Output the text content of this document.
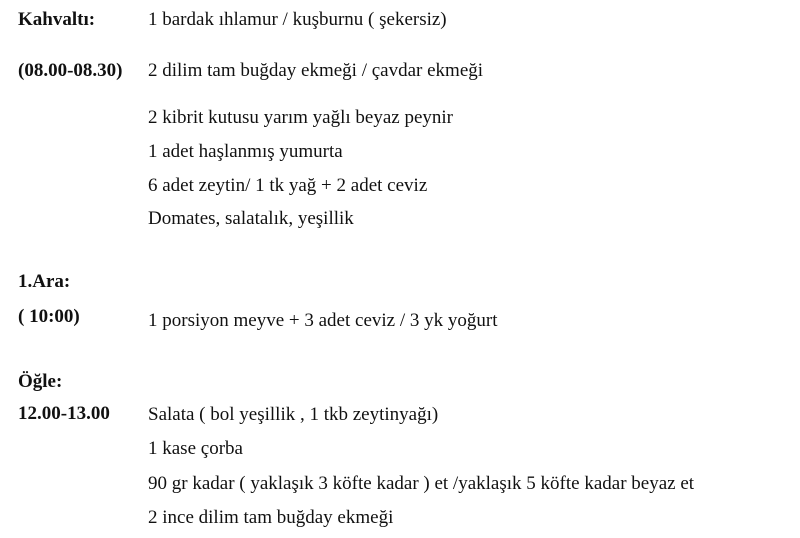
Kahvaltı:	1 bardak ıhlamur / kuşburnu ( şekersiz)
(08.00-08.30) 2 dilim tam buğday ekmeği / çavdar ekmeği
2 kibrit kutusu yarım yağlı beyaz peynir
1 adet haşlanmış yumurta
6 adet zeytin/ 1 tk yağ + 2 adet ceviz
Domates, salatalık, yeşillik
1.Ara:
( 10:00)	1 porsiyon meyve + 3 adet ceviz / 3 yk yoğurt
Öğle:
12.00-13.00 Salata ( bol yeşillik , 1 tkb zeytinyağı)
1 kase çorba
90 gr kadar ( yaklaşık 3 köfte kadar ) et /yaklaşık 5 köfte kadar beyaz et
2 ince dilim tam buğday ekmeği
